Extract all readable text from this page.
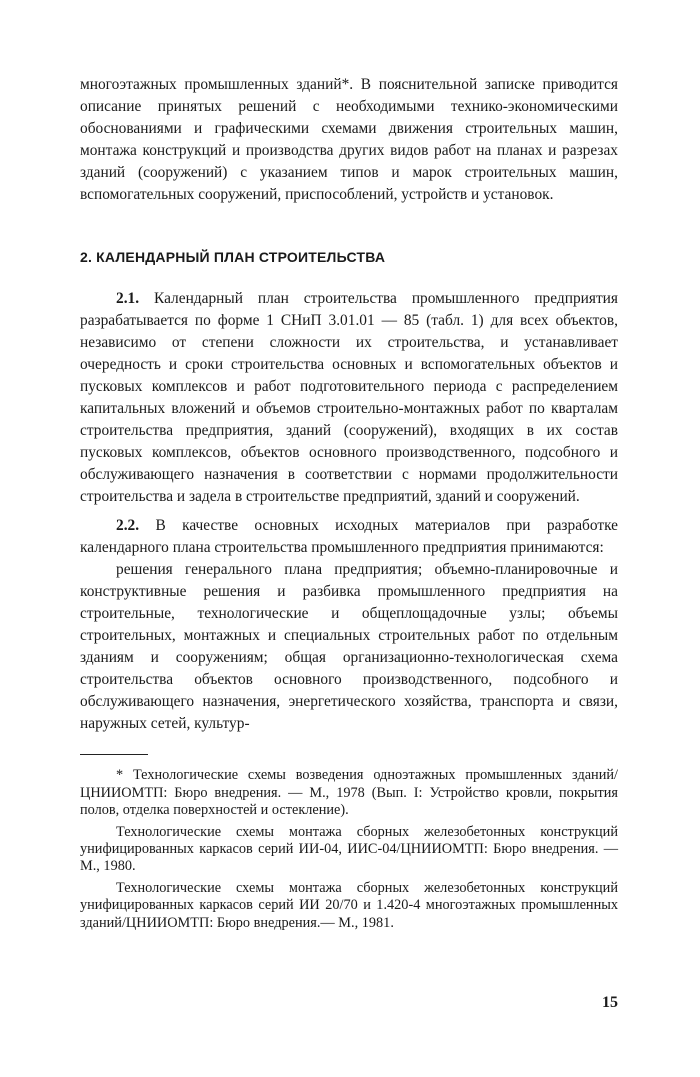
многоэтажных промышленных зданий*. В пояснительной записке приводится описание принятых решений с необходимыми технико-экономическими обоснованиями и графическими схемами движения строительных машин, монтажа конструкций и производства других видов работ на планах и разрезах зданий (сооружений) с указанием типов и марок строительных машин, вспомогательных сооружений, приспособлений, устройств и установок.

2. КАЛЕНДАРНЫЙ ПЛАН СТРОИТЕЛЬСТВА

2.1. Календарный план строительства промышленного предприятия разрабатывается по форме 1 СНиП 3.01.01 — 85 (табл. 1) для всех объектов, независимо от степени сложности их строительства, и устанавливает очередность и сроки строительства основных и вспомогательных объектов и пусковых комплексов и работ подготовительного периода с распределением капитальных вложений и объемов строительно-монтажных работ по кварталам строительства предприятия, зданий (сооружений), входящих в их состав пусковых комплексов, объектов основного производственного, подсобного и обслуживающего назначения в соответствии с нормами продолжительности строительства и задела в строительстве предприятий, зданий и сооружений.

2.2. В качестве основных исходных материалов при разработке календарного плана строительства промышленного предприятия принимаются:

решения генерального плана предприятия; объемно-планировочные и конструктивные решения и разбивка промышленного предприятия на строительные, технологические и общеплощадочные узлы; объемы строительных, монтажных и специальных строительных работ по отдельным зданиям и сооружениям; общая организационно-технологическая схема строительства объектов основного производственного, подсобного и обслуживающего назначения, энергетического хозяйства, транспорта и связи, наружных сетей, культур-

* Технологические схемы возведения одноэтажных промышленных зданий/ЦНИИОМТП: Бюро внедрения. — М., 1978 (Вып. I: Устройство кровли, покрытия полов, отделка поверхностей и остекление).

Технологические схемы монтажа сборных железобетонных конструкций унифицированных каркасов серий ИИ-04, ИИС-04/ЦНИИОМТП: Бюро внедрения. — М., 1980.

Технологические схемы монтажа сборных железобетонных конструкций унифицированных каркасов серий ИИ 20/70 и 1.420-4 многоэтажных промышленных зданий/ЦНИИОМТП: Бюро внедрения.— М., 1981.

15
